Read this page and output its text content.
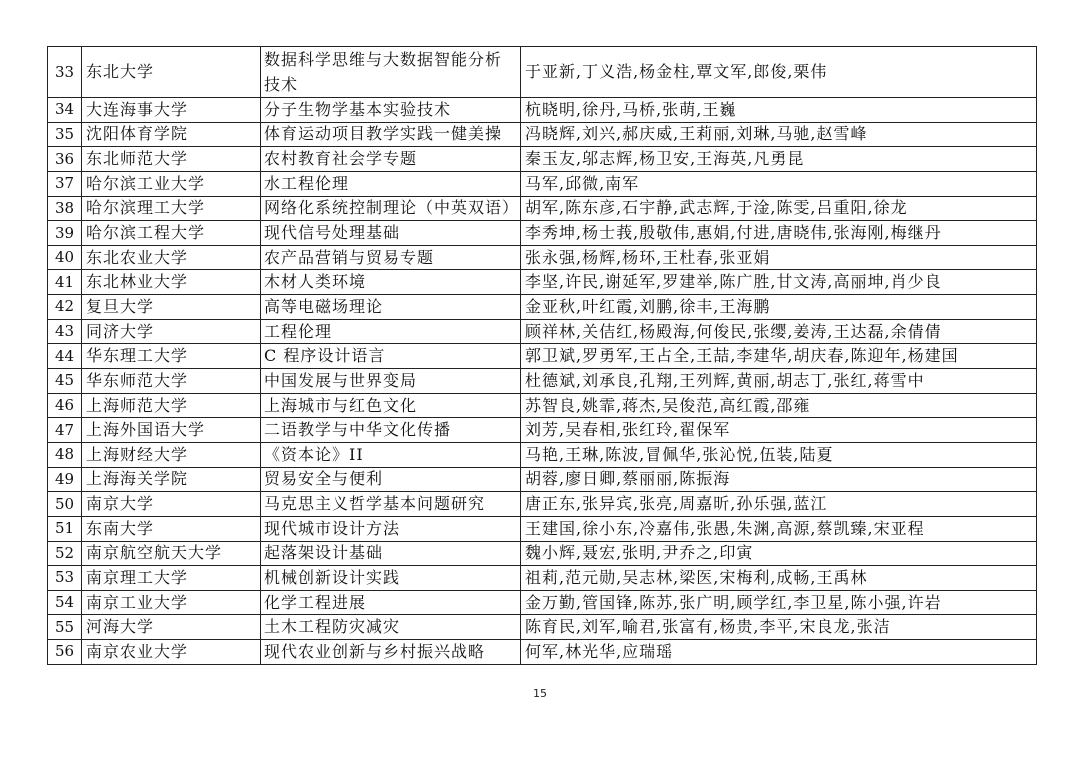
33	东北大学	数据科学思维与大数据智能分析技术	于亚新,丁义浩,杨金柱,覃文军,郎俊,栗伟
34	大连海事大学	分子生物学基本实验技术	杭晓明,徐丹,马桥,张萌,王巍
35	沈阳体育学院	体育运动项目教学实践一健美操	冯晓辉,刘兴,郝庆威,王莉丽,刘琳,马驰,赵雪峰
36	东北师范大学	农村教育社会学专题	秦玉友,邬志辉,杨卫安,王海英,凡勇昆
37	哈尔滨工业大学	水工程伦理	马军,邱微,南军
38	哈尔滨理工大学	网络化系统控制理论（中英双语）	胡军,陈东彦,石宇静,武志辉,于淦,陈雯,吕重阳,徐龙
39	哈尔滨工程大学	现代信号处理基础	李秀坤,杨士莪,殷敬伟,惠娟,付进,唐晓伟,张海刚,梅继丹
40	东北农业大学	农产品营销与贸易专题	张永强,杨辉,杨环,王杜春,张亚娟
41	东北林业大学	木材人类环境	李坚,许民,谢延军,罗建举,陈广胜,甘文涛,高丽坤,肖少良
42	复旦大学	高等电磁场理论	金亚秋,叶红霞,刘鹏,徐丰,王海鹏
43	同济大学	工程伦理	顾祥林,关佶红,杨殿海,何俊民,张缨,姜涛,王达磊,余倩倩
44	华东理工大学	C 程序设计语言	郭卫斌,罗勇军,王占全,王喆,李建华,胡庆春,陈迎年,杨建国
45	华东师范大学	中国发展与世界变局	杜德斌,刘承良,孔翔,王列辉,黄丽,胡志丁,张红,蒋雪中
46	上海师范大学	上海城市与红色文化	苏智良,姚霏,蒋杰,吴俊范,高红霞,邵雍
47	上海外国语大学	二语教学与中华文化传播	刘芳,吴春相,张红玲,翟保军
48	上海财经大学	《资本论》II	马艳,王琳,陈波,冒佩华,张沁悦,伍装,陆夏
49	上海海关学院	贸易安全与便利	胡蓉,廖日卿,蔡丽丽,陈振海
50	南京大学	马克思主义哲学基本问题研究	唐正东,张异宾,张亮,周嘉昕,孙乐强,蓝江
51	东南大学	现代城市设计方法	王建国,徐小东,冷嘉伟,张愚,朱渊,高源,蔡凯臻,宋亚程
52	南京航空航天大学	起落架设计基础	魏小辉,聂宏,张明,尹乔之,印寅
53	南京理工大学	机械创新设计实践	祖莉,范元勋,吴志林,梁医,宋梅利,成畅,王禹林
54	南京工业大学	化学工程进展	金万勤,管国锋,陈苏,张广明,顾学红,李卫星,陈小强,许岩
55	河海大学	土木工程防灾减灾	陈育民,刘军,喻君,张富有,杨贵,李平,宋良龙,张洁
56	南京农业大学	现代农业创新与乡村振兴战略	何军,林光华,应瑞瑶
15
